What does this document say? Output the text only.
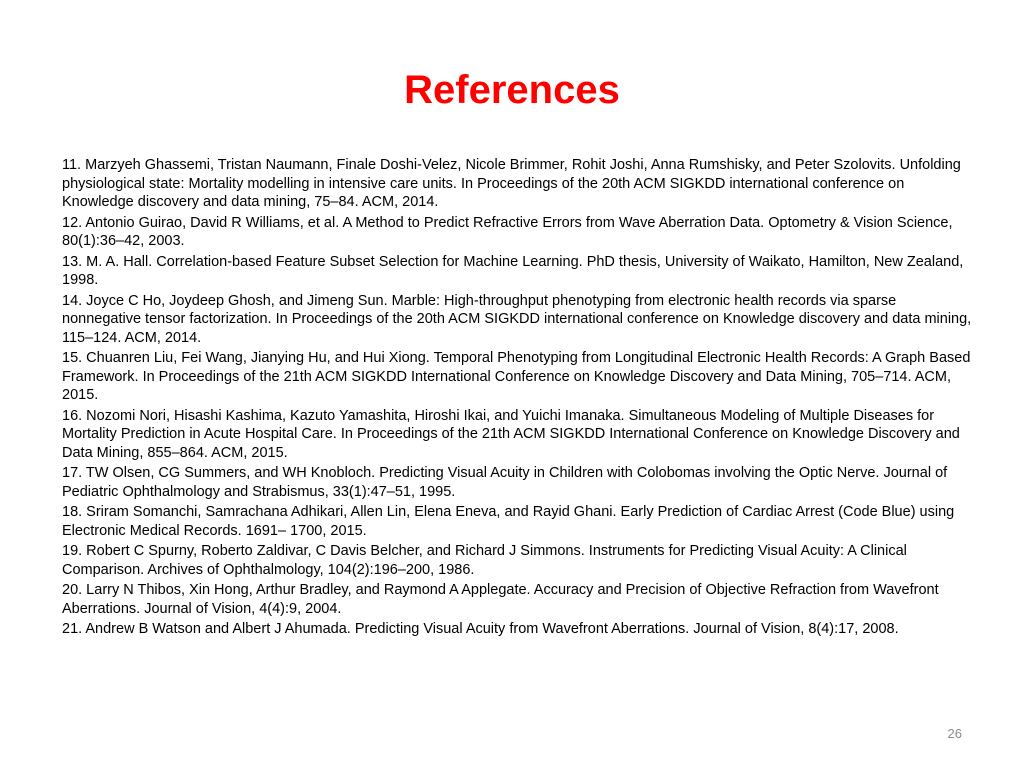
References
11. Marzyeh Ghassemi, Tristan Naumann, Finale Doshi-Velez, Nicole Brimmer, Rohit Joshi, Anna Rumshisky, and Peter Szolovits. Unfolding physiological state: Mortality modelling in intensive care units. In Proceedings of the 20th ACM SIGKDD international conference on Knowledge discovery and data mining, 75–84. ACM, 2014.
12. Antonio Guirao, David R Williams, et al. A Method to Predict Refractive Errors from Wave Aberration Data. Optometry & Vision Science, 80(1):36–42, 2003.
13. M. A. Hall. Correlation-based Feature Subset Selection for Machine Learning. PhD thesis, University of Waikato, Hamilton, New Zealand, 1998.
14. Joyce C Ho, Joydeep Ghosh, and Jimeng Sun. Marble: High-throughput phenotyping from electronic health records via sparse nonnegative tensor factorization. In Proceedings of the 20th ACM SIGKDD international conference on Knowledge discovery and data mining, 115–124. ACM, 2014.
15. Chuanren Liu, Fei Wang, Jianying Hu, and Hui Xiong. Temporal Phenotyping from Longitudinal Electronic Health Records: A Graph Based Framework. In Proceedings of the 21th ACM SIGKDD International Conference on Knowledge Discovery and Data Mining, 705–714. ACM, 2015.
16. Nozomi Nori, Hisashi Kashima, Kazuto Yamashita, Hiroshi Ikai, and Yuichi Imanaka. Simultaneous Modeling of Multiple Diseases for Mortality Prediction in Acute Hospital Care. In Proceedings of the 21th ACM SIGKDD International Conference on Knowledge Discovery and Data Mining, 855–864. ACM, 2015.
17. TW Olsen, CG Summers, and WH Knobloch. Predicting Visual Acuity in Children with Colobomas involving the Optic Nerve. Journal of Pediatric Ophthalmology and Strabismus, 33(1):47–51, 1995.
18. Sriram Somanchi, Samrachana Adhikari, Allen Lin, Elena Eneva, and Rayid Ghani. Early Prediction of Cardiac Arrest (Code Blue) using Electronic Medical Records. 1691– 1700, 2015.
19. Robert C Spurny, Roberto Zaldivar, C Davis Belcher, and Richard J Simmons. Instruments for Predicting Visual Acuity: A Clinical Comparison. Archives of Ophthalmology, 104(2):196–200, 1986.
20. Larry N Thibos, Xin Hong, Arthur Bradley, and Raymond A Applegate. Accuracy and Precision of Objective Refraction from Wavefront Aberrations. Journal of Vision, 4(4):9, 2004.
21. Andrew B Watson and Albert J Ahumada. Predicting Visual Acuity from Wavefront Aberrations. Journal of Vision, 8(4):17, 2008.
26
